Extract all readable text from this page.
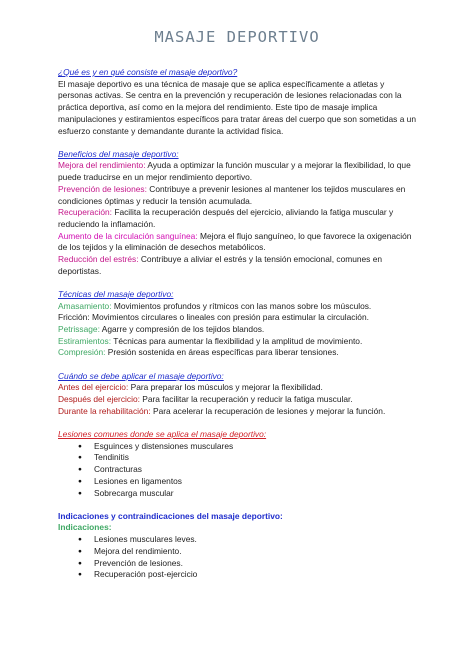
MASAJE DEPORTIVO

¿Qué es y en qué consiste el masaje deportivo?

El masaje deportivo es una técnica de masaje que se aplica específicamente a atletas y personas activas. Se centra en la prevención y recuperación de lesiones relacionadas con la práctica deportiva, así como en la mejora del rendimiento. Este tipo de masaje implica manipulaciones y estiramientos específicos para tratar áreas del cuerpo que son sometidas a un esfuerzo constante y demandante durante la actividad física.

Beneficios del masaje deportivo:

Mejora del rendimiento: Ayuda a optimizar la función muscular y a mejorar la flexibilidad, lo que puede traducirse en un mejor rendimiento deportivo.

Prevención de lesiones: Contribuye a prevenir lesiones al mantener los tejidos musculares en condiciones óptimas y reducir la tensión acumulada.

Recuperación: Facilita la recuperación después del ejercicio, aliviando la fatiga muscular y reduciendo la inflamación.

Aumento de la circulación sanguínea: Mejora el flujo sanguíneo, lo que favorece la oxigenación de los tejidos y la eliminación de desechos metabólicos.

Reducción del estrés: Contribuye a aliviar el estrés y la tensión emocional, comunes en deportistas.

Técnicas del masaje deportivo:

Amasamiento: Movimientos profundos y rítmicos con las manos sobre los músculos.

Fricción: Movimientos circulares o lineales con presión para estimular la circulación.

Petrissage: Agarre y compresión de los tejidos blandos.

Estiramientos: Técnicas para aumentar la flexibilidad y la amplitud de movimiento.

Compresión: Presión sostenida en áreas específicas para liberar tensiones.

Cuándo se debe aplicar el masaje deportivo:

Antes del ejercicio: Para preparar los músculos y mejorar la flexibilidad.

Después del ejercicio: Para facilitar la recuperación y reducir la fatiga muscular.

Durante la rehabilitación: Para acelerar la recuperación de lesiones y mejorar la función.

Lesiones comunes donde se aplica el masaje deportivo:

● Esguinces y distensiones musculares
● Tendinitis
● Contracturas
● Lesiones en ligamentos
● Sobrecarga muscular

Indicaciones y contraindicaciones del masaje deportivo:

Indicaciones:

● Lesiones musculares leves.
● Mejora del rendimiento.
● Prevención de lesiones.
● Recuperación post-ejercicio
